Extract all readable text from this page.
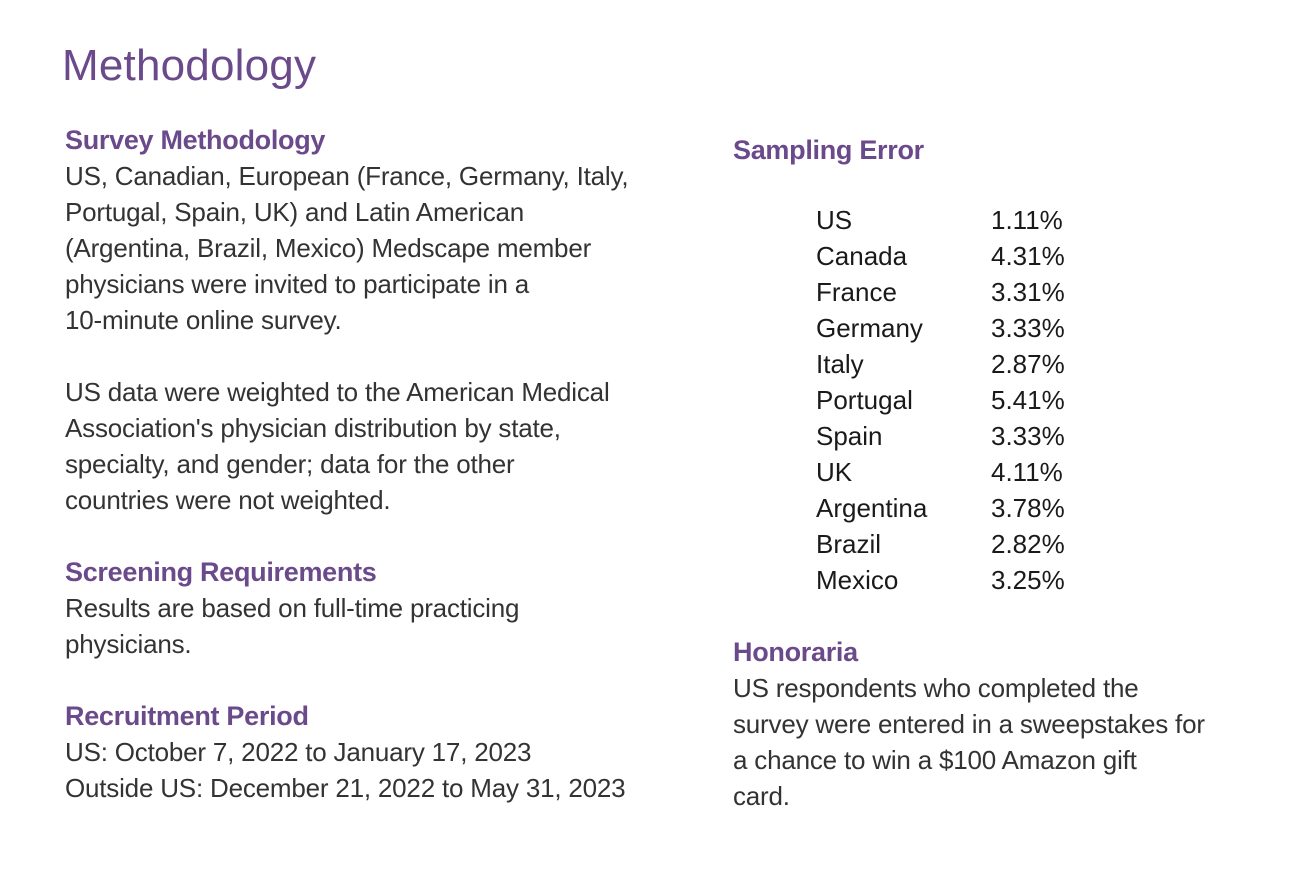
Methodology

Survey Methodology

US, Canadian, European (France, Germany, Italy,

Portugal, Spain, UK) and Latin American

(Argentina, Brazil, Mexico) Medscape member

physicians were invited to participate in a

10-minute online survey.

US data were weighted to the American Medical

Association's physician distribution by state,

specialty, and gender; data for the other

countries were not weighted.

Screening Requirements

Results are based on full-time practicing

physicians.

Recruitment Period

US: October 7, 2022 to January 17, 2023

Outside US: December 21, 2022 to May 31, 2023

Sampling Error

US	1.11%
Canada	4.31%
France	3.31%
Germany	3.33%
Italy	2.87%
Portugal	5.41%
Spain	3.33%
UK	4.11%
Argentina	3.78%
Brazil	2.82%
Mexico	3.25%

Honoraria

US respondents who completed the

survey were entered in a sweepstakes for

a chance to win a $100 Amazon gift

card.
